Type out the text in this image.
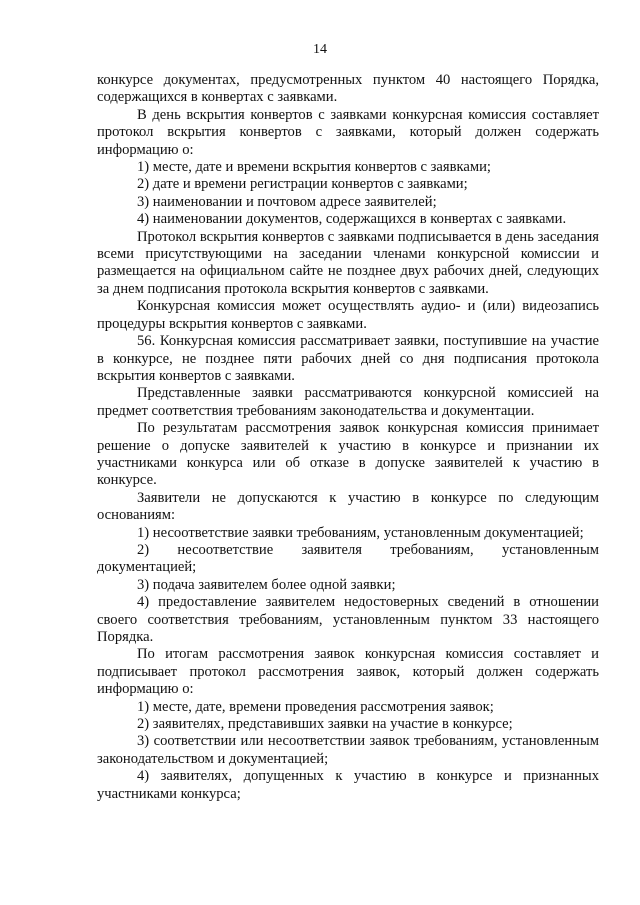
14

конкурсе документах, предусмотренных пунктом 40 настоящего Порядка, содержащихся в конвертах с заявками.

В день вскрытия конвертов с заявками конкурсная комиссия составляет протокол вскрытия конвертов с заявками, который должен содержать информацию о:

1) месте, дате и времени вскрытия конвертов с заявками;

2) дате и времени регистрации конвертов с заявками;

3) наименовании и почтовом адресе заявителей;

4) наименовании документов, содержащихся в конвертах с заявками.

Протокол вскрытия конвертов с заявками подписывается в день заседания всеми присутствующими на заседании членами конкурсной комиссии и размещается на официальном сайте не позднее двух рабочих дней, следующих за днем подписания протокола вскрытия конвертов с заявками.

Конкурсная комиссия может осуществлять аудио- и (или) видеозапись процедуры вскрытия конвертов с заявками.

56. Конкурсная комиссия рассматривает заявки, поступившие на участие в конкурсе, не позднее пяти рабочих дней со дня подписания протокола вскрытия конвертов с заявками.

Представленные заявки рассматриваются конкурсной комиссией на предмет соответствия требованиям законодательства и документации.

По результатам рассмотрения заявок конкурсная комиссия принимает решение о допуске заявителей к участию в конкурсе и признании их участниками конкурса или об отказе в допуске заявителей к участию в конкурсе.

Заявители не допускаются к участию в конкурсе по следующим основаниям:

1) несоответствие заявки требованиям, установленным документацией;

2) несоответствие заявителя требованиям, установленным документацией;

3) подача заявителем более одной заявки;

4) предоставление заявителем недостоверных сведений в отношении своего соответствия требованиям, установленным пунктом 33 настоящего Порядка.

По итогам рассмотрения заявок конкурсная комиссия составляет и подписывает протокол рассмотрения заявок, который должен содержать информацию о:

1) месте, дате, времени проведения рассмотрения заявок;

2) заявителях, представивших заявки на участие в конкурсе;

3) соответствии или несоответствии заявок требованиям, установленным законодательством и документацией;

4) заявителях, допущенных к участию в конкурсе и признанных участниками конкурса;
